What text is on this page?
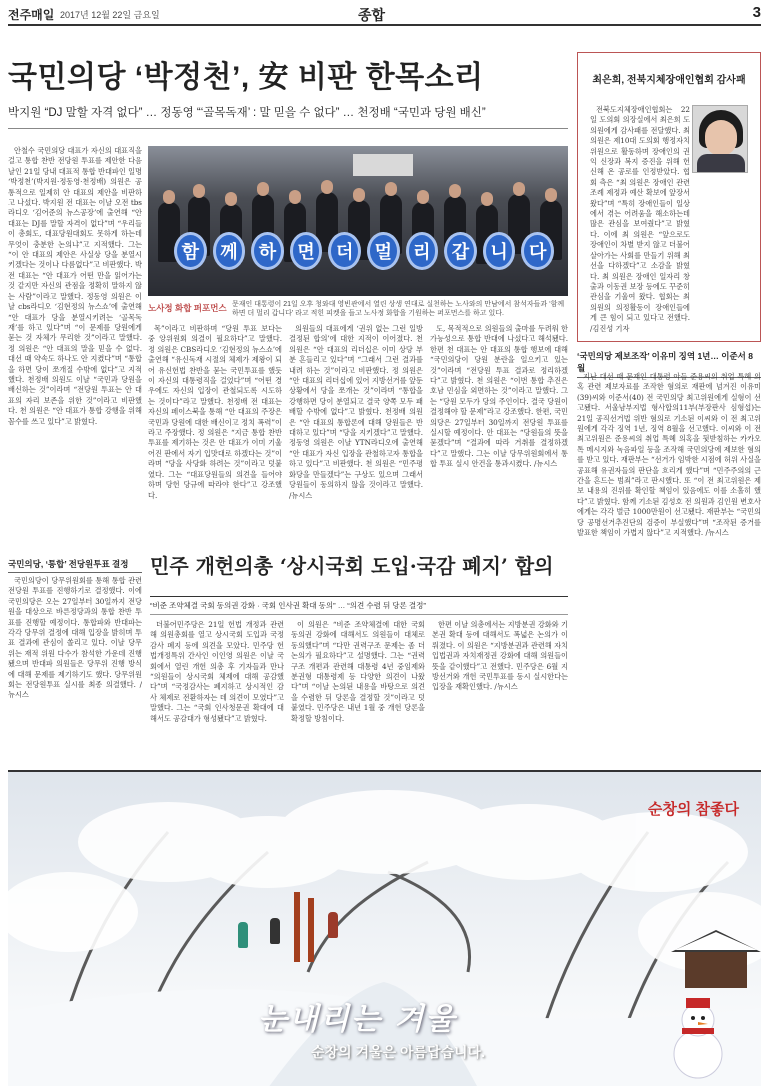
전주매일 2017년 12월 22일 금요일	종합	3
국민의당 ‘박정천’, 安 비판 한목소리
박지원 “DJ 말할 자격 없다” … 정동영 “‘골목독재’ : 말 믿을 수 없다” … 천정배 “국민과 당원 배신”

안철수 국민의당 대표가 자신의 대표직을 걸고 통합 찬반 전당원 투표를 제안한 다음날인 21일 당내 대표적 통합 반대파인 일명 ‘박정천’(박지원·정동영·천정배) 의원은 공통적으로 일제히 안 대표의 제안을 비판하고 나섰다. 박지원 전 대표는 이날 오전 tbs라디오 ‘김어준의 뉴스공장’에 출연해 “안 대표는 DJ를 말할 자격이 없다”며 “우리들이 총회도, 대표당원대회도 못하게 하는데 무엇이 충분한 논의냐”고 지적했다. 그는 “이 안 대표의 제안은 사실상 당을 분열시키겠다는 것이나 다름없다”고 비판했다. 박 전 대표는 “안 대표가 어떤 만을 읽어가는 것 같지만 자신의 관점을 정확히 말하지 않는 사람”이라고 말했다. 정동영 의원은 이날 cbs라디오 ‘김현정의 뉴스쇼’에 출연해 “안 대표가 당을 분열시키려는 ‘골목독재’를 하고 있다”며 “이 문제를 당원에게 묻는 것 자체가 무리한 것”이라고 말했다. 정 의원은 “안 대표의 말을 믿을 수 없다. 대선 때 약속도 하나도 안 지켰다”며 “통합을 하면 당이 쪼개질 수밖에 없다”고 지적했다. 천정배 의원도 이날 “국민과 당원을 배신하는 것”이라며 “전당원 투표는 안 대표의 자리 보존을 위한 것”이라고 비판했다. 천 의원은 “안 대표가 통합 강행을 위해 꼼수를 쓰고 있다”고 밝혔다.

함	께	하	면	더	멀	리	갑	니	다
노사정 화합 퍼포먼스 문재인 대통령이 21일 오후 청와대 영빈관에서 열린 상생 연대로 실천하는 노사와의 만남에서 참석자들과 ‘함께하면 더 멀리 갑니다’ 라고 적힌 피켓을 들고 노사정 화합을 기원하는 퍼포먼스를 하고 있다.

목”이라고 비판하며 “당원 투표 보다는 중 앙위원회 의결이 필요하다”고 말했다. 정 의원은 CBS라디오 ‘김현정의 뉴스쇼’에 출연해 “유신독재 시절의 체제가 제왕이 되어 유신헌법 찬반을 묻는 국민투표를 했듯이 자신의 대통령직을 걸었다”며 “어떤 경우에도 자신의 입장이 관철되도록 시도하는 것이다”라고 말했다. 천정배 전 대표는 자신의 페이스북을 통해 “안 대표의 주장은 국민과 당원에 대한 배신이고 정치 폭력”이라고 주장했다. 정 의원은 “지금 통합 찬반 투표를 제기하는 것은 안 대표가 이미 기울어진 판에서 자기 입맛대로 하겠다는 것”이라며 “당을 사당화 하려는 것”이라고 덧붙였다. 그는 “대표당원들의 의견을 들어야 하며 당헌 당규에 따라야 한다”고 강조했다.

의원들의 대표에게 ‘권위 없는 그런 일방 결정된 합의’에 대한 지적이 이어졌다. 천 의원은 “안 대표의 리더십은 이미 상당 부분 흔들리고 있다”며 “그래서 그런 결과를 내려 하는 것”이라고 비판했다. 정 의원은 “안 대표의 리더십에 있어 지방선거를 앞둔 상황에서 당을 쪼개는 것”이라며 “통합을 강행하면 당이 분열되고 결국 양쪽 모두 패배할 수밖에 없다”고 밝혔다. 천정배 의원은 “안 대표의 통합론에 대해 당원들은 반대하고 있다”며 “당을 지키겠다”고 말했다. 정동영 의원은 이날 YTN라디오에 출연해 “안 대표가 자신 입장을 관철하고자 통합을 하고 있다”고 비판했다. 천 의원은 “민주평화당을 만들겠다”는 구상도 있으며 그래서 당원들이 동의하지 않을 것이라고 말했다. /뉴시스

도, 목적적으로 의원들의 출마를 두려워 한 가능성으로 통합 반대에 나섰다고 해석됐다. 한편 천 대표는 안 대표의 통합 행보에 대해 “국민의당이 당원 분란을 일으키고 있는 것”이라며 “전당원 투표 결과로 정리하겠다”고 밝혔다. 천 의원은 “이번 통합 추진은 호남 민심을 외면하는 것”이라고 말했다. 그는 “당원 모두가 당의 주인이다. 결국 당원이 결정해야 할 문제”라고 강조했다. 한편, 국민의당은 27일부터 30일까지 전당원 투표를 실시할 예정이다. 안 대표는 “당원들의 뜻을 묻겠다”며 “결과에 따라 거취를 결정하겠다”고 말했다. 그는 이날 당무위원회에서 통합 투표 실시 안건을 통과시켰다. /뉴시스

국민의당, ‘통합’ 전당원투표 결정

국민의당이 당무위원회를 통해 통합 관련 전당원 투표를 진행하기로 결정했다. 이에 국민의당은 오는 27일부터 30일까지 전당원을 대상으로 바른정당과의 통합 찬반 투표를 진행할 예정이다. 통합파와 반대파는 각각 당무위 결정에 대해 입장을 밝히며 투표 결과에 관심이 쏠리고 있다. 이날 당무위는 재적 위원 다수가 참석한 가운데 진행됐으며 반대파 의원들은 당무위 진행 방식에 대해 문제를 제기하기도 했다. 당무위원회는 전당원투표 실시를 최종 의결했다. /뉴시스

최은희, 전북지체장애인협회 감사패

전북도지체장애인협회는 22일 도의회 의장실에서 최은희 도의원에게 감사패를 전달했다. 최 의원은 제10대 도의회 행정자치위원으로 활동하며 장애인의 권익 신장과 복지 증진을 위해 헌신해 온 공로를 인정받았다. 협회 측은 “최 의원은 장애인 관련 조례 제정과 예산 확보에 앞장서 왔다”며 “특히 장애인들이 일상에서 겪는 어려움을 해소하는데 많은 관심을 보여줬다”고 밝혔다. 이에 최 의원은 “앞으로도 장애인이 차별 받지 않고 더불어 살아가는 사회를 만들기 위해 최선을 다하겠다”고 소감을 밝혔다. 최 의원은 장애인 일자리 창출과 이동권 보장 등에도 꾸준히 관심을 기울여 왔다. 협회는 최 의원의 의정활동이 장애인들에게 큰 힘이 되고 있다고 전했다. /김진성 기자

‘국민의당 제보조작’ 이유미 징역 1년… 이준서 8월

지난 대선 때 문재인 대통령 아들 준용씨의 취업 특혜 의혹 관련 제보자료를 조작한 혐의로 재판에 넘겨진 이유미(39)씨와 이준서(40) 전 국민의당 최고위원에게 실형이 선고됐다. 서울남부지법 형사합의11부(부장판사 심형섭)는 21일 공직선거법 위반 혐의로 기소된 이씨와 이 전 최고위원에게 각각 징역 1년, 징역 8월을 선고했다. 이씨와 이 전 최고위원은 준용씨의 취업 특혜 의혹을 뒷받침하는 카카오톡 메시지와 녹음파일 등을 조작해 국민의당에 제보한 혐의를 받고 있다. 재판부는 “선거가 임박한 시점에 허위 사실을 공표해 유권자들의 판단을 흐리게 했다”며 “민주주의의 근간을 흔드는 범죄”라고 판시했다. 또 “이 전 최고위원은 제보 내용의 진위를 확인할 책임이 있음에도 이를 소홀히 했다”고 밝혔다. 함께 기소된 김성호 전 의원과 김인원 변호사에게는 각각 벌금 1000만원이 선고됐다. 재판부는 “국민의당 공명선거추진단의 검증이 부실했다”며 “조작된 증거를 발표한 책임이 가볍지 않다”고 지적했다. /뉴시스

민주 개헌의총 ‘상시국회 도입·국감 폐지’ 합의
“비준 조약체결 국회 동의권 강화 · 국회 인사권 확대 동의” … “의견 수렴 뒤 당론 결정”

더불어민주당은 21일 헌법 개정과 관련해 의원총회를 열고 상시국회 도입과 국정감사 폐지 등에 의견을 모았다. 민주당 헌법개정특위 간사인 이인영 의원은 이날 국회에서 열린 개헌 의총 후 기자들과 만나 “의원들이 상시국회 체제에 대해 공감했다”며 “국정감사는 폐지하고 상시적인 감사 체제로 전환하자는 데 의견이 모였다”고 말했다. 그는 “국회 인사청문권 확대에 대해서도 공감대가 형성됐다”고 밝혔다.

이 의원은 “비준 조약체결에 대한 국회 동의권 강화에 대해서도 의원들이 대체로 동의했다”며 “다만 권력구조 문제는 좀 더 논의가 필요하다”고 설명했다. 그는 “권력구조 개편과 관련해 대통령 4년 중임제와 분권형 대통령제 등 다양한 의견이 나왔다”며 “이날 논의된 내용을 바탕으로 의견을 수렴한 뒤 당론을 결정할 것”이라고 덧붙였다. 민주당은 내년 1월 중 개헌 당론을 확정할 방침이다.

한편 이날 의총에서는 지방분권 강화와 기본권 확대 등에 대해서도 폭넓은 논의가 이뤄졌다. 이 의원은 “지방분권과 관련해 자치입법권과 자치재정권 강화에 대해 의원들이 뜻을 같이했다”고 전했다. 민주당은 6월 지방선거와 개헌 국민투표를 동시 실시한다는 입장을 재확인했다. /뉴시스

순창의 참좋다
눈내리는 겨울
순창의 겨울은 아름답습니다.
